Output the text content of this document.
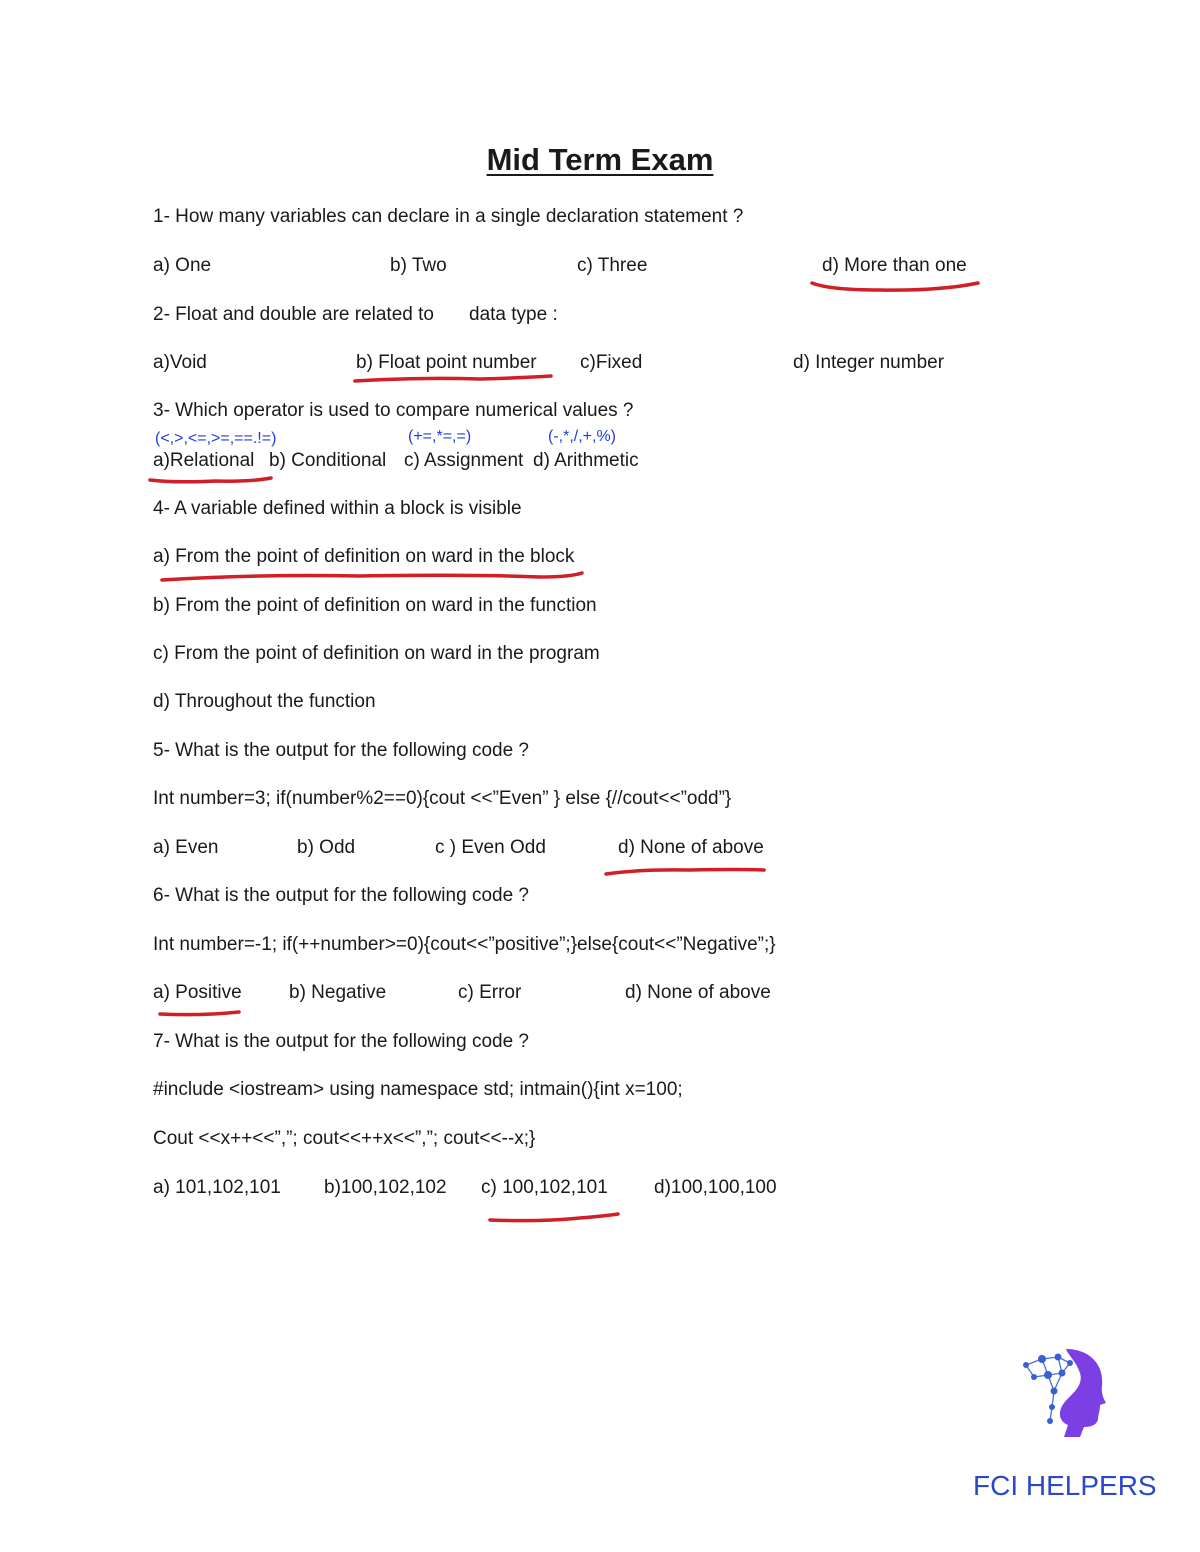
Mid Term Exam
1- How many variables can declare in a single declaration statement ?
a) One	b) Two	c) Three	d) More than one
2- Float and double are related to data type :
a)Void	b) Float point number c)Fixed	d) Integer number
3- Which operator is used to compare numerical values ?
(<,>,<=,>=,==.!=)	(+=,*=,=)	(-,*,/,+,%)
a)Relational b) Conditional c) Assignment d) Arithmetic
4- A variable defined within a block is visible
a) From the point of definition on ward in the block
b) From the point of definition on ward in the function
c) From the point of definition on ward in the program
d) Throughout the function
5- What is the output for the following code ?
Int number=3; if(number%2==0){cout <<”Even” } else {//cout<<”odd”}
a) Even	b) Odd	c ) Even Odd	d) None of above
6- What is the output for the following code ?
Int number=-1; if(++number>=0){cout<<”positive”;}else{cout<<”Negative”;}
a) Positive b) Negative	c) Error	d) None of above
7- What is the output for the following code ?
#include <iostream> using namespace std; intmain(){int x=100;
Cout <<x++<<”,”; cout<<++x<<”,”; cout<<--x;}
a) 101,102,101 b)100,102,102 c) 100,102,101 d)100,100,100
FCI HELPERS
